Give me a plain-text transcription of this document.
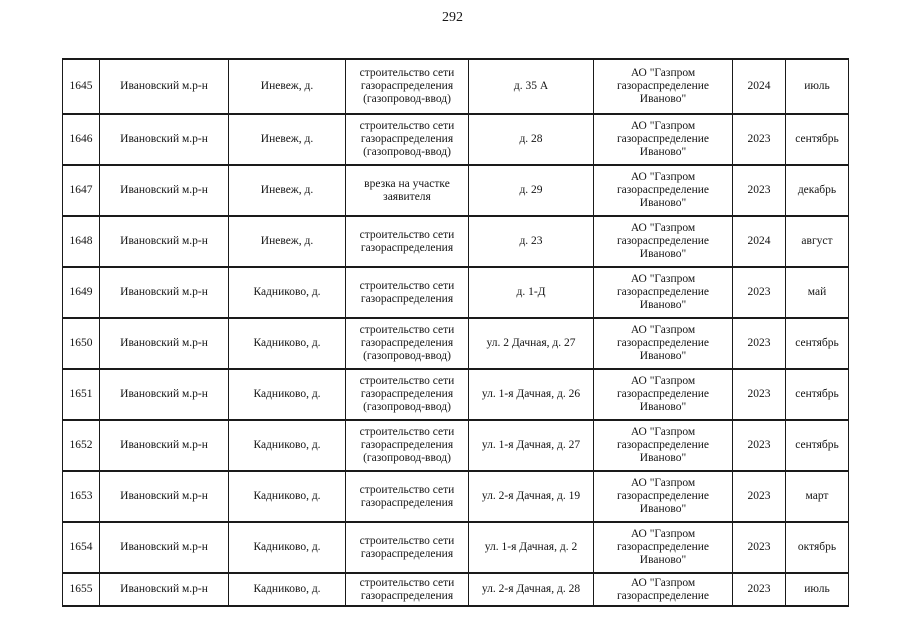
292
1645	Ивановский м.р-н	Иневеж, д.	строительство сети газораспределения (газопровод-ввод)	д. 35 А	АО "Газпром газораспределение Иваново"	2024	июль
1646	Ивановский м.р-н	Иневеж, д.	строительство сети газораспределения (газопровод-ввод)	д. 28	АО "Газпром газораспределение Иваново"	2023	сентябрь
1647	Ивановский м.р-н	Иневеж, д.	врезка на участке заявителя	д. 29	АО "Газпром газораспределение Иваново"	2023	декабрь
1648	Ивановский м.р-н	Иневеж, д.	строительство сети газораспределения	д. 23	АО "Газпром газораспределение Иваново"	2024	август
1649	Ивановский м.р-н	Кадниково, д.	строительство сети газораспределения	д. 1-Д	АО "Газпром газораспределение Иваново"	2023	май
1650	Ивановский м.р-н	Кадниково, д.	строительство сети газораспределения (газопровод-ввод)	ул. 2 Дачная, д. 27	АО "Газпром газораспределение Иваново"	2023	сентябрь
1651	Ивановский м.р-н	Кадниково, д.	строительство сети газораспределения (газопровод-ввод)	ул. 1-я Дачная, д. 26	АО "Газпром газораспределение Иваново"	2023	сентябрь
1652	Ивановский м.р-н	Кадниково, д.	строительство сети газораспределения (газопровод-ввод)	ул. 1-я Дачная, д. 27	АО "Газпром газораспределение Иваново"	2023	сентябрь
1653	Ивановский м.р-н	Кадниково, д.	строительство сети газораспределения	ул. 2-я Дачная, д. 19	АО "Газпром газораспределение Иваново"	2023	март
1654	Ивановский м.р-н	Кадниково, д.	строительство сети газораспределения	ул. 1-я Дачная, д. 2	АО "Газпром газораспределение Иваново"	2023	октябрь
1655	Ивановский м.р-н	Кадниково, д.	строительство сети газораспределения	ул. 2-я Дачная, д. 28	АО "Газпром газораспределение	2023	июль
